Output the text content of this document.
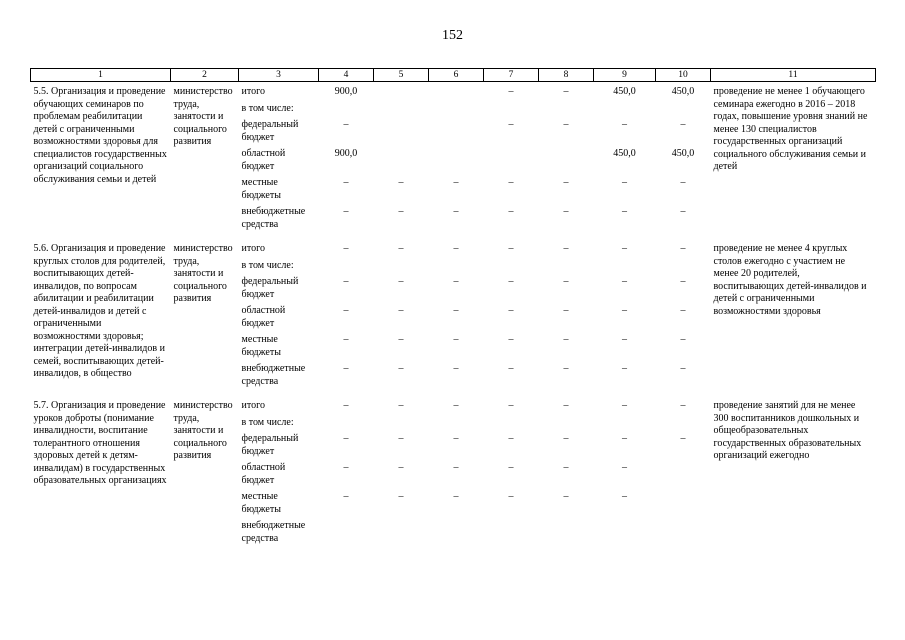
152
1	2	3	4	5	6	7	8	9	10	11
5.5. Организация и проведение обучающих семинаров по проблемам реабилитации детей с ограниченными возможностями здоровья для специалистов государственных организаций социального обслуживания семьи и детей	министерство труда, занятости и социального развития	итого	900,0			–	–	450,0	450,0	проведение не менее 1 обучающего семинара ежегодно в 2016 – 2018 годах, повышение уровня знаний не менее 130 специалистов государственных организаций социального обслуживания семьи и детей
		в том числе:								
		федеральный бюджет	–			–	–	–	–	
		областной бюджет	900,0					450,0	450,0	
		местные бюджеты	–	–	–	–	–	–	–	
		внебюджетные средства	–	–	–	–	–	–	–	
5.6. Организация и проведение круглых столов для родителей, воспитывающих детей-инвалидов, по вопросам абилитации и реабилитации детей-инвалидов и детей с ограниченными возможностями здоровья; интеграции детей-инвалидов и семей, воспитывающих детей-инвалидов, в общество	министерство труда, занятости и социального развития	итого	–	–	–	–	–	–	–	проведение не менее 4 круглых столов ежегодно с участием не менее 20 родителей, воспитывающих детей-инвалидов и детей с ограниченными возможностями здоровья
		в том числе:								
		федеральный бюджет	–	–	–	–	–	–	–	
		областной бюджет	–	–	–	–	–	–	–	
		местные бюджеты	–	–	–	–	–	–	–	
		внебюджетные средства	–	–	–	–	–	–	–	
5.7. Организация и проведение уроков доброты (понимание инвалидности, воспитание толерантного отношения здоровых детей к детям-инвалидам) в государственных образовательных организациях	министерство труда, занятости и социального развития	итого	–	–	–	–	–	–	–	проведение занятий для не менее 300 воспитанников дошкольных и общеобразовательных государственных образовательных организаций ежегодно
		в том числе:								
		федеральный бюджет	–	–	–	–	–	–	–	
		областной бюджет	–	–	–	–	–	–		
		местные бюджеты	–	–	–	–	–	–		
		внебюджетные средства								
